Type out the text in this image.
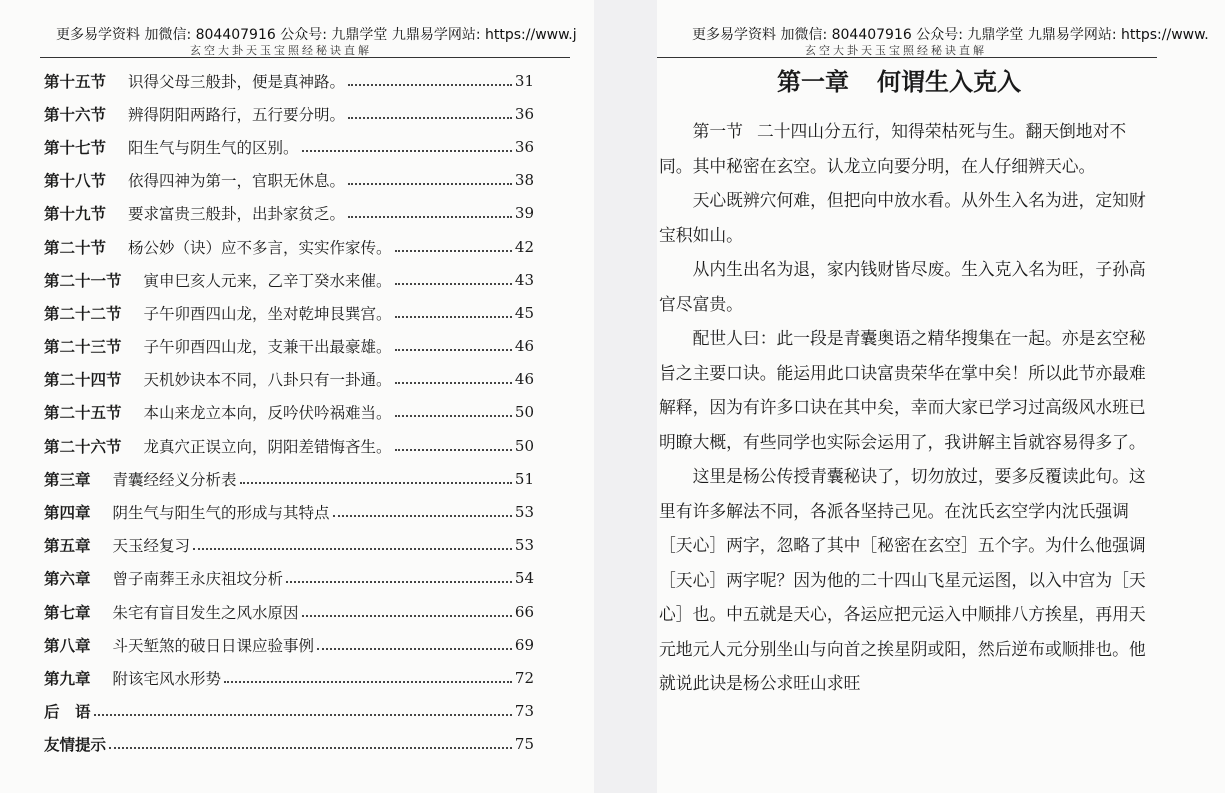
更多易学资料 加微信: 804407916 公众号: 九鼎学堂 九鼎易学网站: https://www.j
玄空大卦天玉宝照经秘诀直解
第十五节 识得父母三般卦，便是真神路。	31
第十六节 辨得阴阳两路行，五行要分明。	36
第十七节 阳生气与阴生气的区别。	36
第十八节 依得四神为第一，官职无休息。	38
第十九节 要求富贵三般卦，出卦家贫乏。	39
第二十节 杨公妙（诀）应不多言，实实作家传。	42
第二十一节 寅申巳亥人元来，乙辛丁癸水来催。	43
第二十二节 子午卯酉四山龙，坐对乾坤艮巽宫。	45
第二十三节 子午卯酉四山龙，支兼干出最豪雄。	46
第二十四节 天机妙诀本不同，八卦只有一卦通。	46
第二十五节 本山来龙立本向，反吟伏吟祸难当。	50
第二十六节 龙真穴正误立向，阴阳差错悔吝生。	50
第三章 青囊经经义分析表	51
第四章 阴生气与阳生气的形成与其特点	53
第五章 天玉经复习	53
第六章 曾子南葬王永庆祖坟分析	54
第七章 朱宅有盲目发生之风水原因	66
第八章 斗天堑煞的破日日课应验事例	69
第九章 附该宅风水形势	72
后　语	73
友情提示	75
更多易学资料 加微信: 804407916 公众号: 九鼎学堂 九鼎易学网站: https://www.
玄空大卦天玉宝照经秘诀直解
第一章 何谓生入克入

第一节 二十四山分五行，知得荣枯死与生。翻天倒地对不同。其中秘密在玄空。认龙立向要分明，在人仔细辨天心。

天心既辨穴何难，但把向中放水看。从外生入名为进，定知财宝积如山。

从内生出名为退，家内钱财皆尽废。生入克入名为旺，子孙高官尽富贵。

配世人曰：此一段是青囊奥语之精华搜集在一起。亦是玄空秘旨之主要口诀。能运用此口诀富贵荣华在掌中矣！所以此节亦最难解释，因为有许多口诀在其中矣，幸而大家已学习过高级风水班已明瞭大概，有些同学也实际会运用了，我讲解主旨就容易得多了。

这里是杨公传授青囊秘诀了，切勿放过，要多反覆读此句。这里有许多解法不同，各派各坚持己见。在沈氏玄空学内沈氏强调［天心］两字，忽略了其中［秘密在玄空］五个字。为什么他强调［天心］两字呢？因为他的二十四山飞星元运图，以入中宫为［天心］也。中五就是天心，各运应把元运入中顺排八方挨星，再用天元地元人元分别坐山与向首之挨星阴或阳，然后逆布或顺排也。他就说此诀是杨公求旺山求旺
